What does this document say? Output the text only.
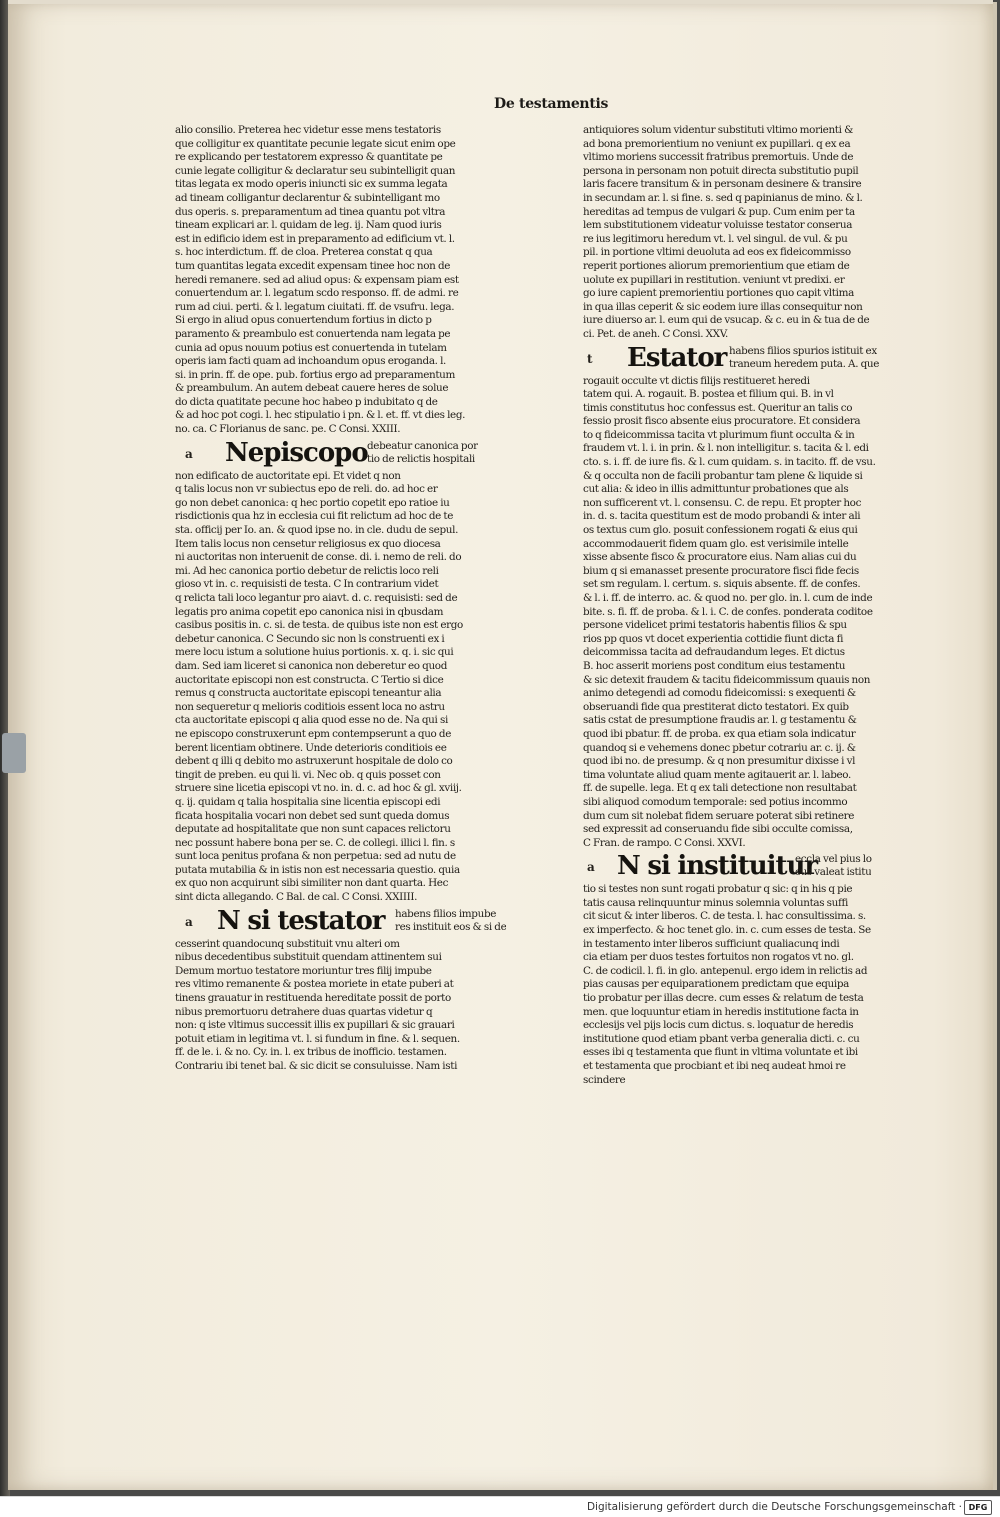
De testamentis

alio consilio. Preterea hec videtur esse mens testatoris

que colligitur ex quantitate pecunie legate sicut enim ope

re explicando per testatorem expresso & quantitate pe

cunie legate colligitur & declaratur seu subintelligit quan

titas legata ex modo operis iniuncti sic ex summa legata

ad tineam colligantur declarentur & subintelligant mo

dus operis. s. preparamentum ad tinea quantu pot vltra

tineam explicari ar. l. quidam de leg. ij. Nam quod iuris

est in edificio idem est in preparamento ad edificium vt. l.

s. hoc interdictum. ff. de cloa. Preterea constat q qua

tum quantitas legata excedit expensam tinee hoc non de

heredi remanere. sed ad aliud opus: & expensam piam est

conuertendum ar. l. legatum scdo responso. ff. de admi. re

rum ad ciui. perti. & l. legatum ciuitati. ff. de vsufru. lega.

Si ergo in aliud opus conuertendum fortius in dicto p

paramento & preambulo est conuertenda nam legata pe

cunia ad opus nouum potius est conuertenda in tutelam

operis iam facti quam ad inchoandum opus eroganda. l.

si. in prin. ff. de ope. pub. fortius ergo ad preparamentum

& preambulum. An autem debeat cauere heres de solue

do dicta quatitate pecune hoc habeo p indubitato q de

& ad hoc pot cogi. l. hec stipulatio i pn. & l. et. ff. vt dies leg.

no. ca. C Florianus de sanc. pe. C Consi. XXIII.

a Nepiscopo debeatur canonica por
tio de relictis hospitali

non edificato de auctoritate epi. Et videt q non

q talis locus non vr subiectus epo de reli. do. ad hoc er

go non debet canonica: q hec portio copetit epo ratioe iu

risdictionis qua hz in ecclesia cui fit relictum ad hoc de te

sta. officij per Io. an. & quod ipse no. in cle. dudu de sepul.

Item talis locus non censetur religiosus ex quo diocesa

ni auctoritas non interuenit de conse. di. i. nemo de reli. do

mi. Ad hec canonica portio debetur de relictis loco reli

gioso vt in. c. requisisti de testa. C In contrarium videt

q relicta tali loco legantur pro aiavt. d. c. requisisti: sed de

legatis pro anima copetit epo canonica nisi in qbusdam

casibus positis in. c. si. de testa. de quibus iste non est ergo

debetur canonica. C Secundo sic non ls construenti ex i

mere locu istum a solutione huius portionis. x. q. i. sic qui

dam. Sed iam liceret si canonica non deberetur eo quod

auctoritate episcopi non est constructa. C Tertio si dice

remus q constructa auctoritate episcopi teneantur alia

non sequeretur q melioris coditiois essent loca no astru

cta auctoritate episcopi q alia quod esse no de. Na qui si

ne episcopo construxerunt epm contempserunt a quo de

berent licentiam obtinere. Unde deterioris conditiois ee

debent q illi q debito mo astruxerunt hospitale de dolo co

tingit de preben. eu qui li. vi. Nec ob. q quis posset con

struere sine licetia episcopi vt no. in. d. c. ad hoc & gl. xviij.

q. ij. quidam q talia hospitalia sine licentia episcopi edi

ficata hospitalia vocari non debet sed sunt queda domus

deputate ad hospitalitate que non sunt capaces relictoru

nec possunt habere bona per se. C. de collegi. illici l. fin. s

sunt loca penitus profana & non perpetua: sed ad nutu de

putata mutabilia & in istis non est necessaria questio. quia

ex quo non acquirunt sibi similiter non dant quarta. Hec

sint dicta allegando. C Bal. de cal. C Consi. XXIIII.

a N si testator habens filios impube
res instituit eos & si de

cesserint quandocunq substituit vnu alteri om

nibus decedentibus substituit quendam attinentem sui

Demum mortuo testatore moriuntur tres filij impube

res vltimo remanente & postea moriete in etate puberi at

tinens grauatur in restituenda hereditate possit de porto

nibus premortuoru detrahere duas quartas videtur q

non: q iste vltimus successit illis ex pupillari & sic grauari

potuit etiam in legitima vt. l. si fundum in fine. & l. sequen.

ff. de le. i. & no. Cy. in. l. ex tribus de inofficio. testamen.

Contrariu ibi tenet bal. & sic dicit se consuluisse. Nam isti

antiquiores solum videntur substituti vltimo morienti &

ad bona premorientium no veniunt ex pupillari. q ex ea

vltimo moriens successit fratribus premortuis. Unde de

persona in personam non potuit directa substitutio pupil

laris facere transitum & in personam desinere & transire

in secundam ar. l. si fine. s. sed q papinianus de mino. & l.

hereditas ad tempus de vulgari & pup. Cum enim per ta

lem substitutionem videatur voluisse testator conserua

re ius legitimoru heredum vt. l. vel singul. de vul. & pu

pil. in portione vltimi deuoluta ad eos ex fideicommisso

reperit portiones aliorum premorientium que etiam de

uolute ex pupillari in restitution. veniunt vt predixi. er

go iure capient premorientiu portiones quo capit vltima

in qua illas ceperit & sic eodem iure illas consequitur non

iure diuerso ar. l. eum qui de vsucap. & c. eu in & tua de de

ci. Pet. de aneh. C Consi. XXV.

t Estator habens filios spurios istituit ex
traneum heredem puta. A. que

rogauit occulte vt dictis filijs restitueret heredi

tatem qui. A. rogauit. B. postea et filium qui. B. in vl

timis constitutus hoc confessus est. Queritur an talis co

fessio prosit fisco absente eius procuratore. Et considera

to q fideicommissa tacita vt plurimum fiunt occulta & in

fraudem vt. l. i. in prin. & l. non intelligitur. s. tacita & l. edi

cto. s. i. ff. de iure fis. & l. cum quidam. s. in tacito. ff. de vsu.

& q occulta non de facili probantur tam plene & liquide si

cut alia: & ideo in illis admittuntur probationes que als

non sufficerent vt. l. consensu. C. de repu. Et propter hoc

in. d. s. tacita questitum est de modo probandi & inter ali

os textus cum glo. posuit confessionem rogati & eius qui

accommodauerit fidem quam glo. est verisimile intelle

xisse absente fisco & procuratore eius. Nam alias cui du

bium q si emanasset presente procuratore fisci fide fecis

set sm regulam. l. certum. s. siquis absente. ff. de confes.

& l. i. ff. de interro. ac. & quod no. per glo. in. l. cum de inde

bite. s. fi. ff. de proba. & l. i. C. de confes. ponderata coditoe

persone videlicet primi testatoris habentis filios & spu

rios pp quos vt docet experientia cottidie fiunt dicta fi

deicommissa tacita ad defraudandum leges. Et dictus

B. hoc asserit moriens post conditum eius testamentu

& sic detexit fraudem & tacitu fideicommissum quauis non

animo detegendi ad comodu fideicomissi: s exequenti &

obseruandi fide qua prestiterat dicto testatori. Ex quib

satis cstat de presumptione fraudis ar. l. g testamentu &

quod ibi pbatur. ff. de proba. ex qua etiam sola indicatur

quandoq si e vehemens donec pbetur cotrariu ar. c. ij. &

quod ibi no. de presump. & q non presumitur dixisse i vl

tima voluntate aliud quam mente agitauerit ar. l. labeo.

ff. de supelle. lega. Et q ex tali detectione non resultabat

sibi aliquod comodum temporale: sed potius incommo

dum cum sit nolebat fidem seruare poterat sibi retinere

sed expressit ad conseruandu fide sibi occulte comissa,

C Fran. de rampo. C Consi. XXVI.

a N si instituitur
eccla vel pius lo
cus valeat istitu

tio si testes non sunt rogati probatur q sic: q in his q pie

tatis causa relinquuntur minus solemnia voluntas suffi

cit sicut & inter liberos. C. de testa. l. hac consultissima. s.

ex imperfecto. & hoc tenet glo. in. c. cum esses de testa. Se

in testamento inter liberos sufficiunt qualiacunq indi

cia etiam per duos testes fortuitos non rogatos vt no. gl.

C. de codicil. l. fi. in glo. antepenul. ergo idem in relictis ad

pias causas per equiparationem predictam que equipa

tio probatur per illas decre. cum esses & relatum de testa

men. que loquuntur etiam in heredis institutione facta in

ecclesijs vel pijs locis cum dictus. s. loquatur de heredis

institutione quod etiam pbant verba generalia dicti. c. cu

esses ibi q testamenta que fiunt in vltima voluntate et ibi

et testamenta que procbiant et ibi neq audeat hmoi re

scindere

Digitalisierung gefördert durch die Deutsche Forschungsgemeinschaft · DFG
